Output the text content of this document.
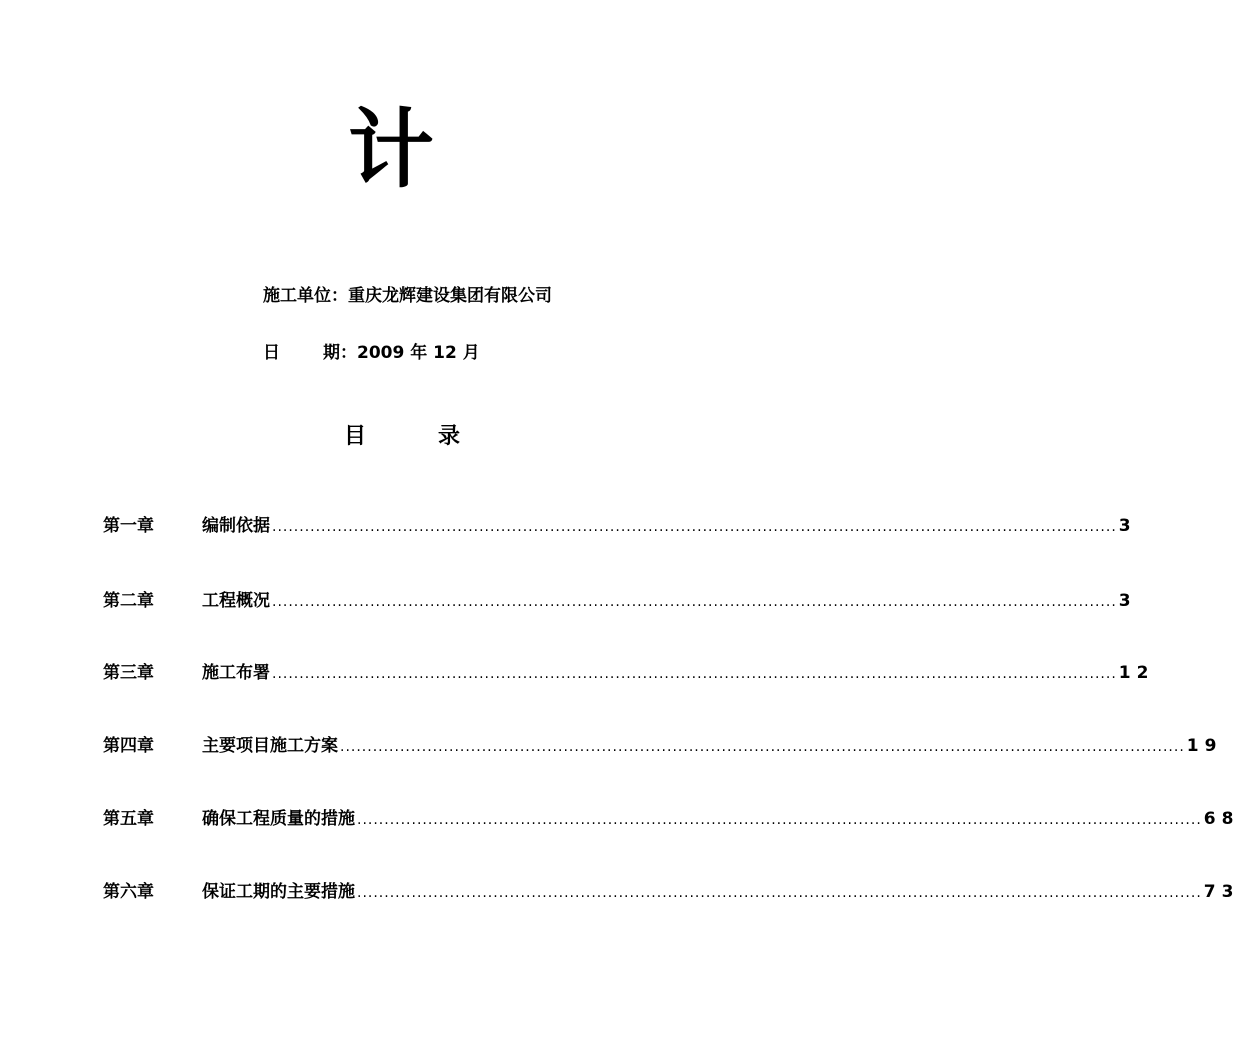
计
施工单位：重庆龙辉建设集团有限公司
日	期：2009 年 12 月
目	录
第一章	编制依据 ........................................................................................................................................................... 3
第二章	工程概况 ........................................................................................................................................................... 3
第三章	施工布署 ........................................................................................................................................................... 12
第四章	主要项目施工方案 ........................................................................................................................................................... 19
第五章	确保工程质量的措施 ........................................................................................................................................................... 68
第六章	保证工期的主要措施 ........................................................................................................................................................... 73
